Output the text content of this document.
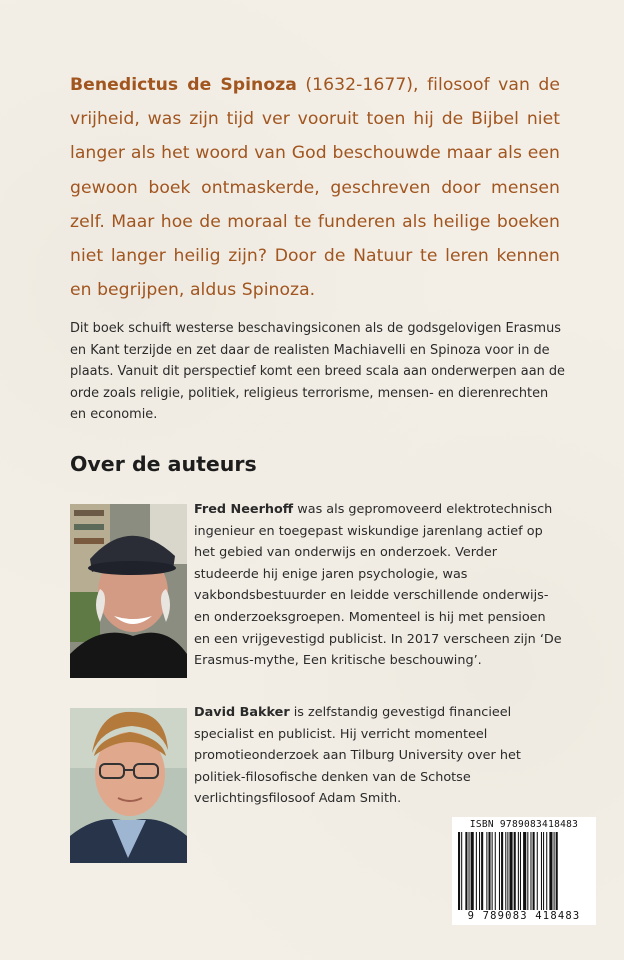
Benedictus de Spinoza (1632-1677), filosoof van de vrijheid, was zijn tijd ver vooruit toen hij de Bijbel niet langer als het woord van God beschouwde maar als een gewoon boek ontmaskerde, geschreven door mensen zelf. Maar hoe de moraal te funderen als heilige boeken niet langer heilig zijn? Door de Natuur te leren kennen en begrijpen, aldus Spinoza.

Dit boek schuift westerse beschavingsiconen als de godsgelovigen Erasmus en Kant terzijde en zet daar de realisten Machiavelli en Spinoza voor in de plaats. Vanuit dit perspectief komt een breed scala aan onderwerpen aan de orde zoals religie, politiek, religieus terrorisme, mensen- en dierenrechten en economie.

Over de auteurs

Fred Neerhoff was als gepromoveerd elektrotechnisch ingenieur en toegepast wiskundige jarenlang actief op het gebied van onderwijs en onderzoek. Verder studeerde hij enige jaren psychologie, was vakbondsbestuurder en leidde verschillende onderwijs- en onderzoeksgroepen. Momenteel is hij met pensioen en een vrijgevestigd publicist. In 2017 verscheen zijn ‘De Erasmus-mythe, Een kritische beschouwing’.

David Bakker is zelfstandig gevestigd financieel specialist en publicist. Hij verricht momenteel promotieonderzoek aan Tilburg University over het politiek-filosofische denken van de Schotse verlichtingsfilosoof Adam Smith.

ISBN 9789083418483
9 789083 418483
